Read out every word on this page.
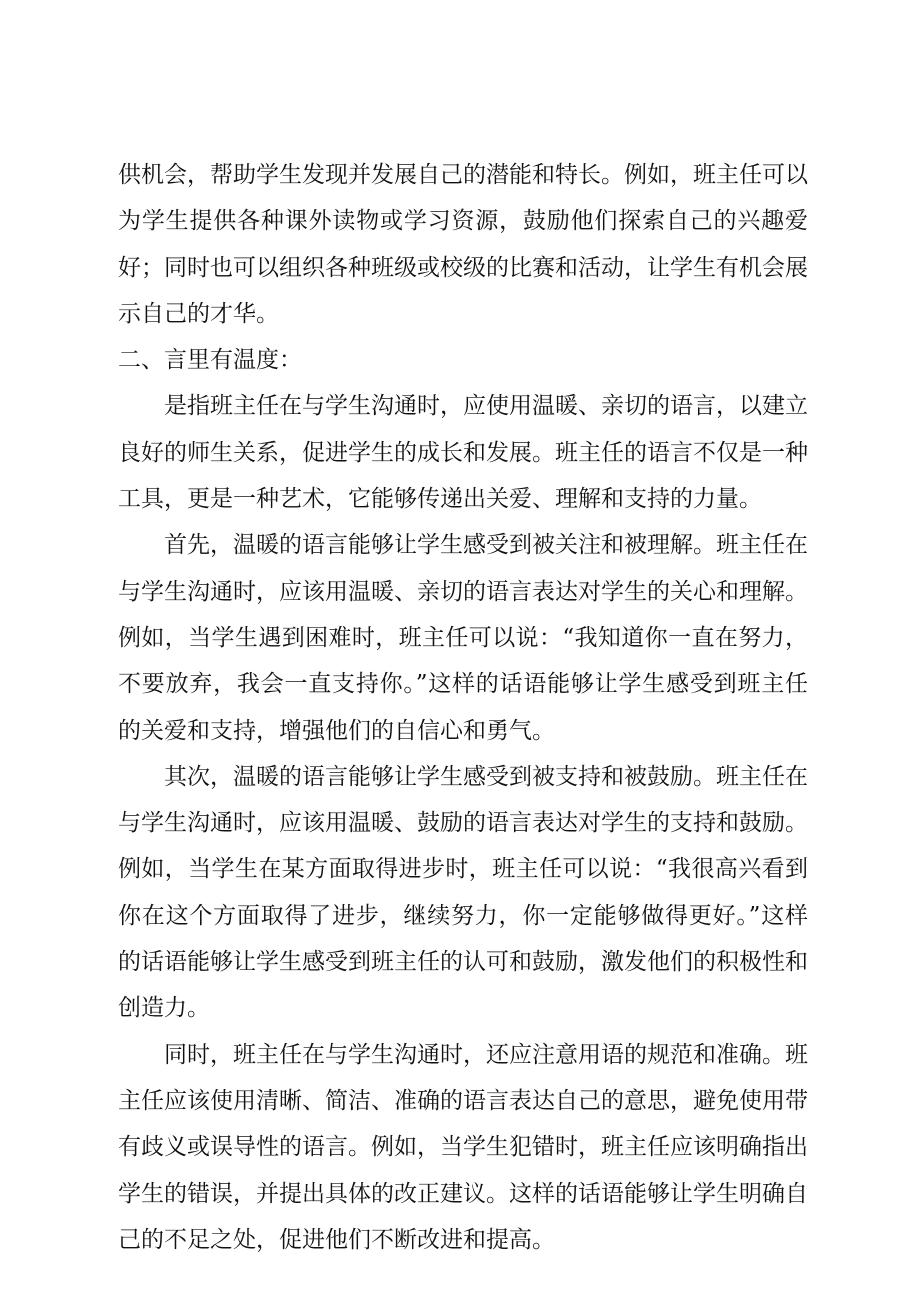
供机会，帮助学生发现并发展自己的潜能和特长。例如，班主任可以为学生提供各种课外读物或学习资源，鼓励他们探索自己的兴趣爱好；同时也可以组织各种班级或校级的比赛和活动，让学生有机会展示自己的才华。

二、言里有温度：

是指班主任在与学生沟通时，应使用温暖、亲切的语言，以建立良好的师生关系，促进学生的成长和发展。班主任的语言不仅是一种工具，更是一种艺术，它能够传递出关爱、理解和支持的力量。

首先，温暖的语言能够让学生感受到被关注和被理解。班主任在与学生沟通时，应该用温暖、亲切的语言表达对学生的关心和理解。例如，当学生遇到困难时，班主任可以说：“我知道你一直在努力，不要放弃，我会一直支持你。”这样的话语能够让学生感受到班主任的关爱和支持，增强他们的自信心和勇气。

其次，温暖的语言能够让学生感受到被支持和被鼓励。班主任在与学生沟通时，应该用温暖、鼓励的语言表达对学生的支持和鼓励。例如，当学生在某方面取得进步时，班主任可以说：“我很高兴看到你在这个方面取得了进步，继续努力，你一定能够做得更好。”这样的话语能够让学生感受到班主任的认可和鼓励，激发他们的积极性和创造力。

同时，班主任在与学生沟通时，还应注意用语的规范和准确。班主任应该使用清晰、简洁、准确的语言表达自己的意思，避免使用带有歧义或误导性的语言。例如，当学生犯错时，班主任应该明确指出学生的错误，并提出具体的改正建议。这样的话语能够让学生明确自己的不足之处，促进他们不断改进和提高。
